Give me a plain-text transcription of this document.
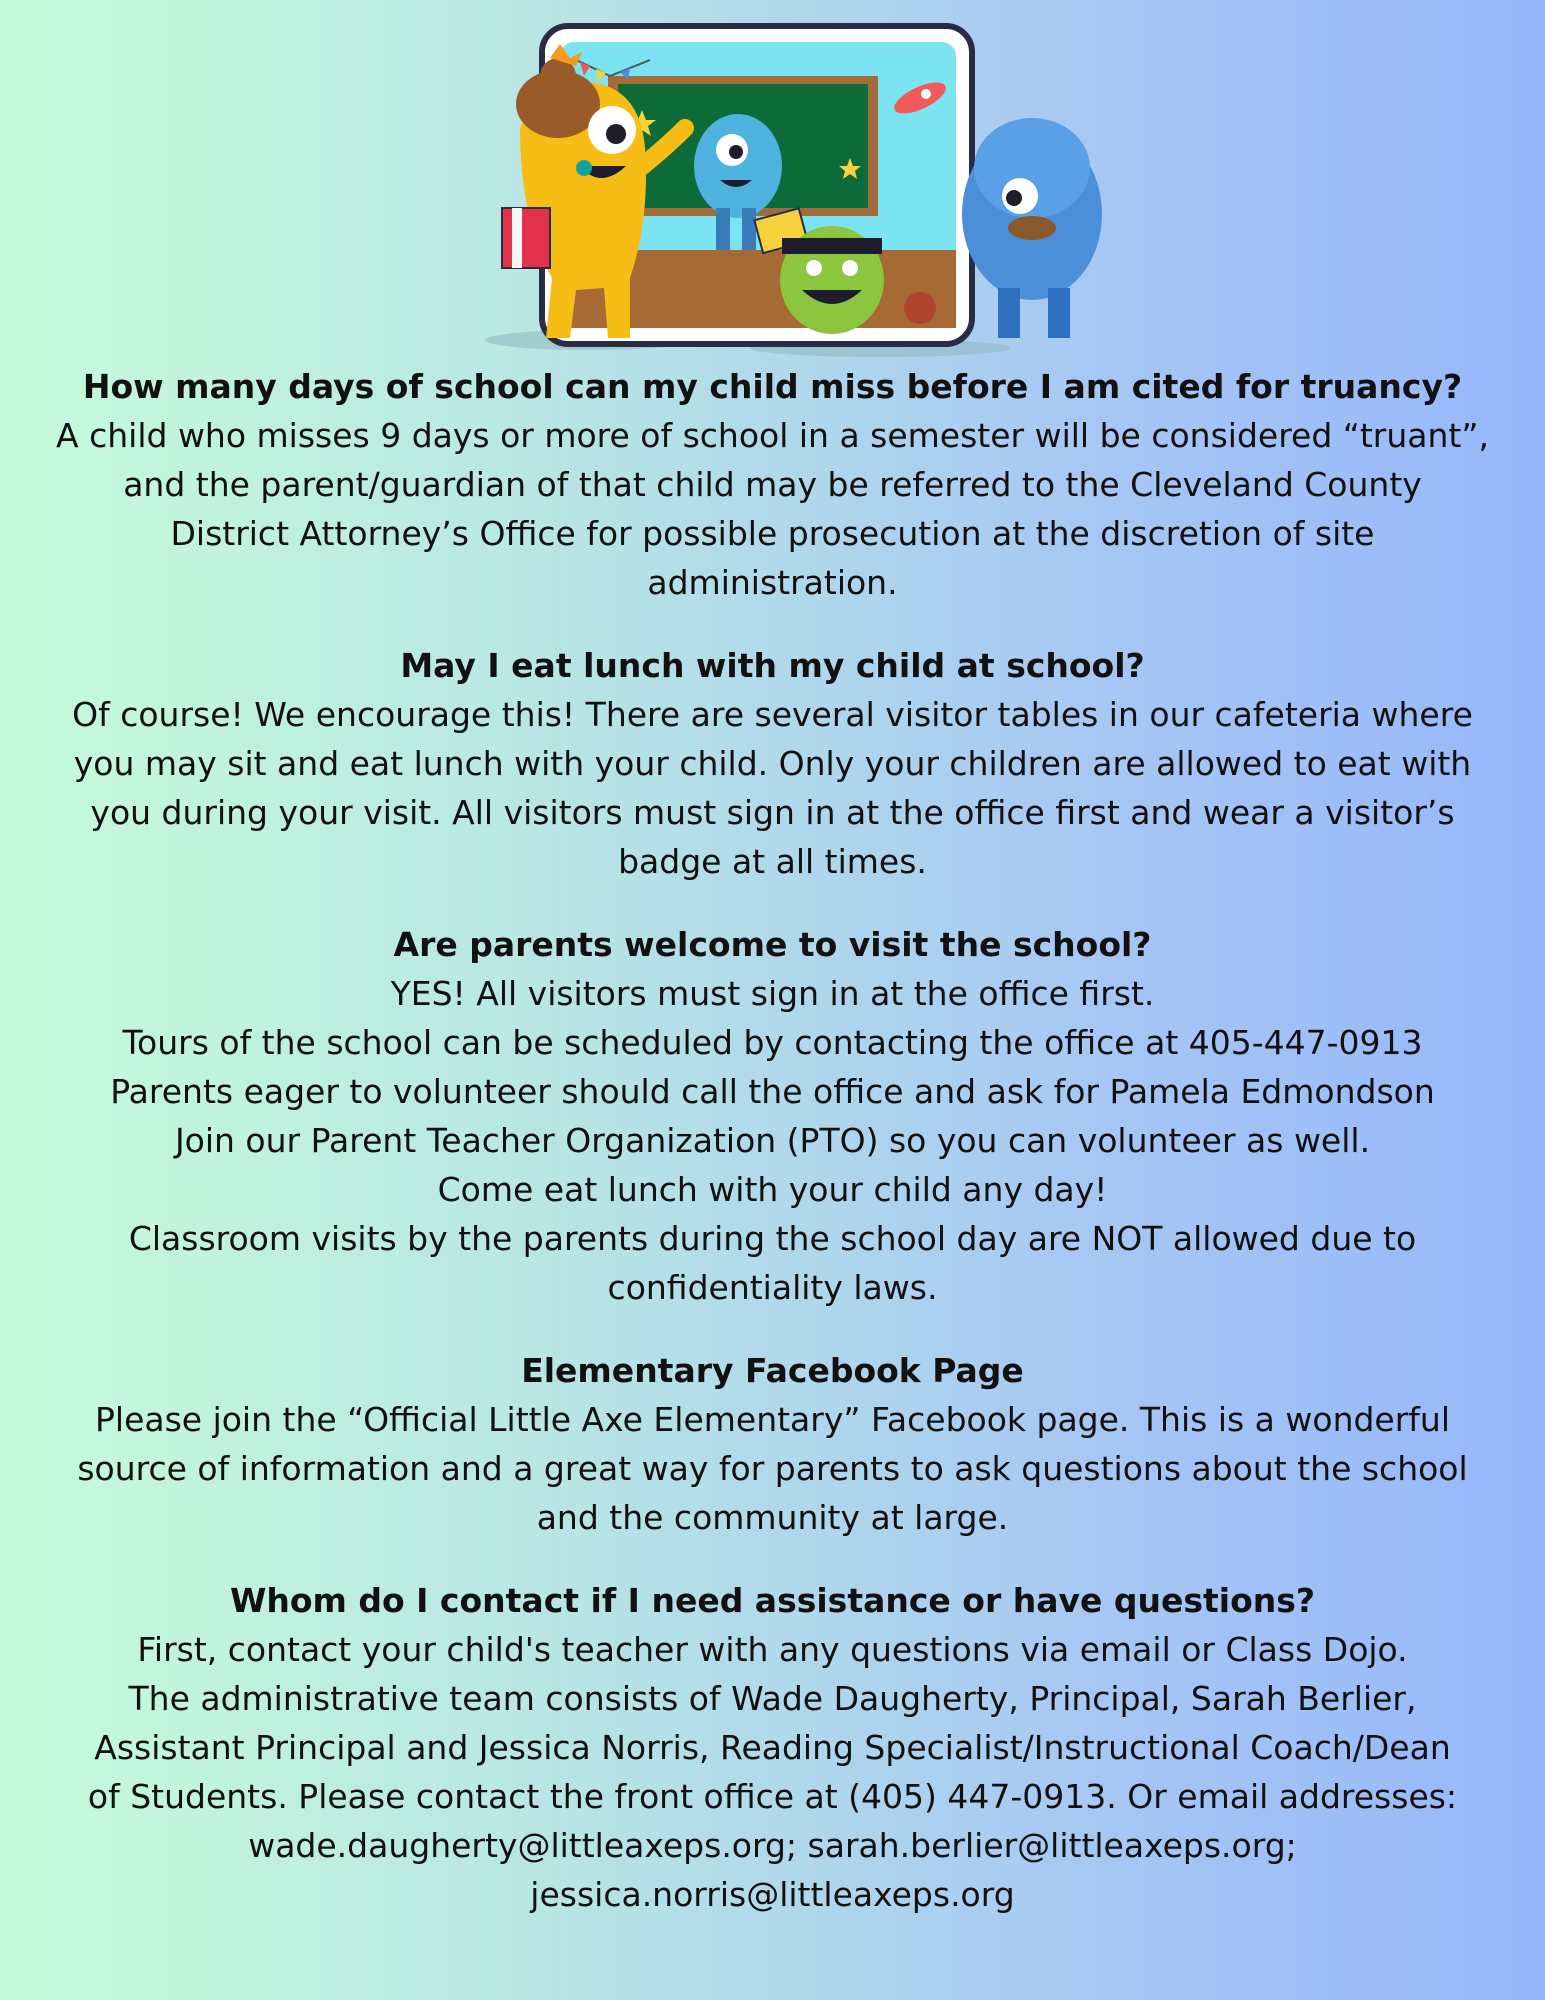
How many days of school can my child miss before I am cited for truancy?

A child who misses 9 days or more of school in a semester will be considered “truant”,

and the parent/guardian of that child may be referred to the Cleveland County

District Attorney’s Office for possible prosecution at the discretion of site

administration.

May I eat lunch with my child at school?

Of course! We encourage this! There are several visitor tables in our cafeteria where

you may sit and eat lunch with your child. Only your children are allowed to eat with

you during your visit. All visitors must sign in at the office first and wear a visitor’s

badge at all times.

Are parents welcome to visit the school?

YES! All visitors must sign in at the office first.

Tours of the school can be scheduled by contacting the office at 405-447-0913

Parents eager to volunteer should call the office and ask for Pamela Edmondson

Join our Parent Teacher Organization (PTO) so you can volunteer as well.

Come eat lunch with your child any day!

Classroom visits by the parents during the school day are NOT allowed due to

confidentiality laws.

Elementary Facebook Page

Please join the “Official Little Axe Elementary” Facebook page. This is a wonderful

source of information and a great way for parents to ask questions about the school

and the community at large.

Whom do I contact if I need assistance or have questions?

First, contact your child's teacher with any questions via email or Class Dojo.

The administrative team consists of Wade Daugherty, Principal, Sarah Berlier,

Assistant Principal and Jessica Norris, Reading Specialist/Instructional Coach/Dean

of Students. Please contact the front office at (405) 447-0913. Or email addresses:

wade.daugherty@littleaxeps.org; sarah.berlier@littleaxeps.org;

jessica.norris@littleaxeps.org
